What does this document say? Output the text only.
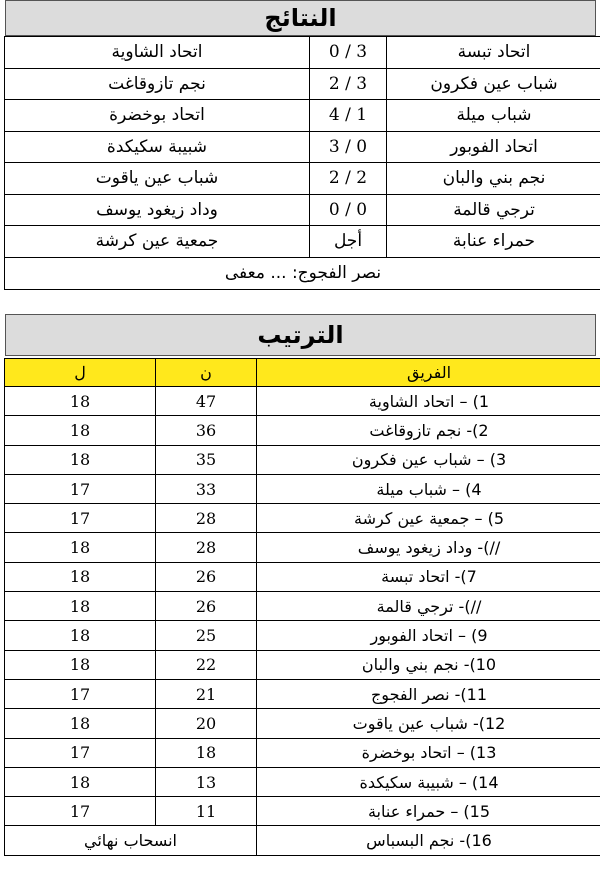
النتائج
اتحاد تبسة	3 / 0	اتحاد الشاوية
شباب عين فكرون	3 / 2	نجم تازوقاغت
شباب ميلة	1 / 4	اتحاد بوخضرة
اتحاد الفوبور	0 / 3	شبيبة سكيكدة
نجم بني والبان	2 / 2	شباب عين ياقوت
ترجي قالمة	0 / 0	وداد زيغود يوسف
حمراء عنابة	أجل	جمعية عين كرشة
نصر الفجوج: ... معفى		
الترتيب
الفريق	ن	ل
1) – اتحاد الشاوية	47	18
2)- نجم تازوقاغت	36	18
3) – شباب عين فكرون	35	18
4) – شباب ميلة	33	17
5) – جمعية عين كرشة	28	17
//)- وداد زيغود يوسف	28	18
7)- اتحاد تبسة	26	18
//)- ترجي قالمة	26	18
9) – اتحاد الفوبور	25	18
10)- نجم بني والبان	22	18
11)- نصر الفجوج	21	17
12)- شباب عين ياقوت	20	18
13) – اتحاد بوخضرة	18	17
14) – شبيبة سكيكدة	13	18
15) – حمراء عنابة	11	17
16)- نجم البسباس	انسحاب نهائي	
